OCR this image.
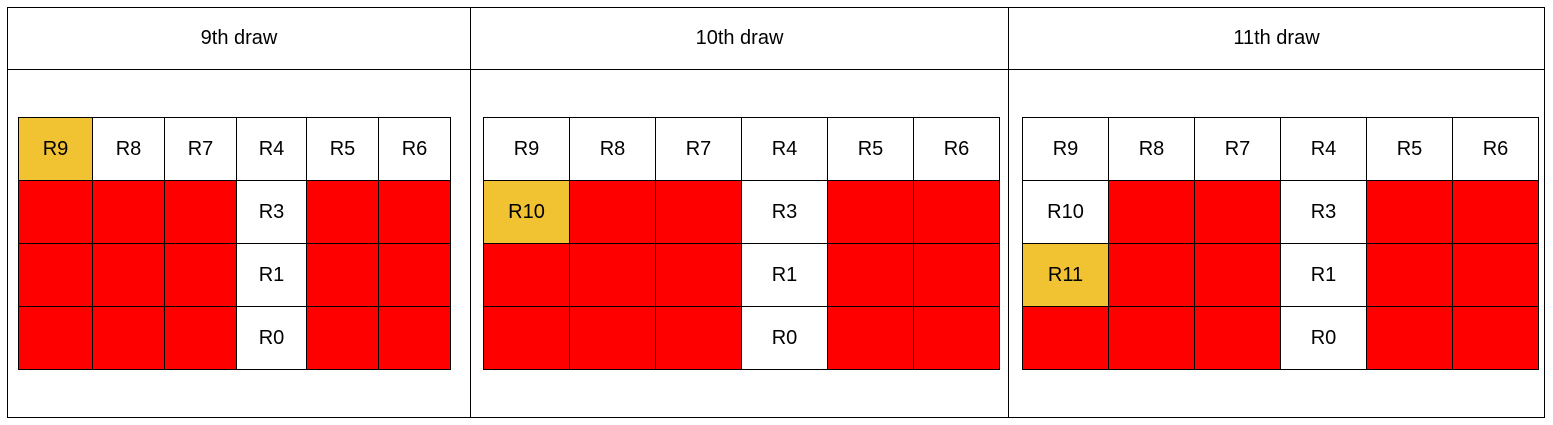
9th draw	10th draw	11th draw
R9	R8	R7	R4	R5	R6
			R3		
			R1		
			R0		
R9	R8	R7	R4	R5	R6
R10			R3		
			R1		
			R0		
R9	R8	R7	R4	R5	R6
R10			R3		
R11			R1		
			R0		
